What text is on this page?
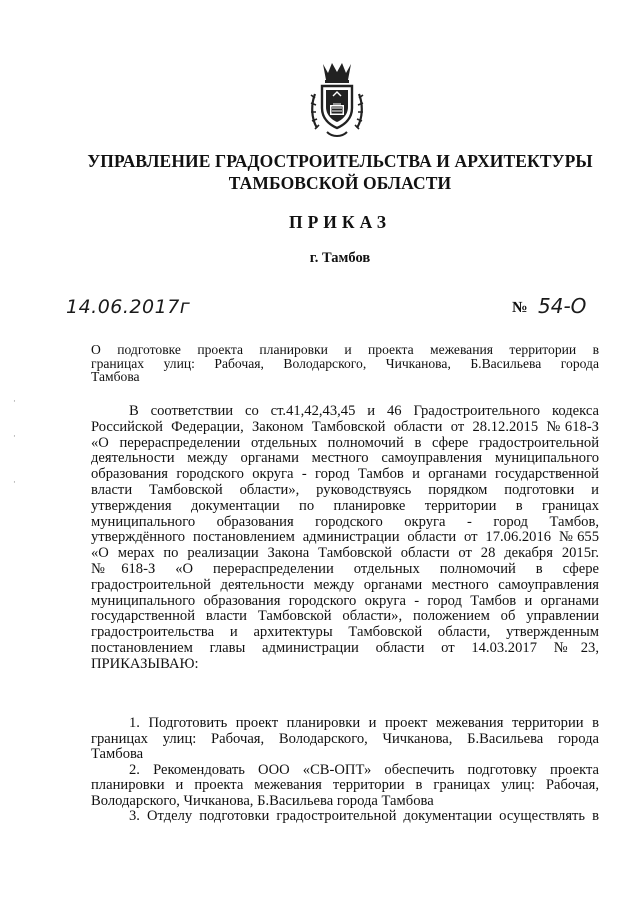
УПРАВЛЕНИЕ ГРАДОСТРОИТЕЛЬСТВА И АРХИТЕКТУРЫ
ТАМБОВСКОЙ ОБЛАСТИ
ПРИКАЗ
г. Тамбов
14.06.2017г	№ 54-О
О подготовке проекта планировки и проекта межевания территории в
границах улиц: Рабочая, Володарского, Чичканова, Б.Васильева города
Тамбова
В соответствии со ст.41,42,43,45 и 46 Градостроительного кодекса
Российской Федерации, Законом Тамбовской области от 28.12.2015 №618-З
«О перераспределении отдельных полномочий в сфере градостроительной
деятельности между органами местного самоуправления муниципального
образования городского округа - город Тамбов и органами государственной
власти Тамбовской области», руководствуясь порядком подготовки и
утверждения документации по планировке территории в границах
муниципального образования городского округа - город Тамбов,
утверждённого постановлением администрации области от 17.06.2016 №655
«О мерах по реализации Закона Тамбовской области от 28 декабря 2015г.
№618-З «О перераспределении отдельных полномочий в сфере
градостроительной деятельности между органами местного самоуправления
муниципального образования городского округа - город Тамбов и органами
государственной власти Тамбовской области», положением об управлении
градостроительства и архитектуры Тамбовской области, утвержденным
постановлением главы администрации области от 14.03.2017 №23,
ПРИКАЗЫВАЮ:
1. Подготовить проект планировки и проект межевания территории в
границах улиц: Рабочая, Володарского, Чичканова, Б.Васильева города
Тамбова
2. Рекомендовать ООО «СВ-ОПТ» обеспечить подготовку проекта
планировки и проекта межевания территории в границах улиц: Рабочая,
Володарского, Чичканова, Б.Васильева города Тамбова
3. Отделу подготовки градостроительной документации осуществлять в
·
·
·
